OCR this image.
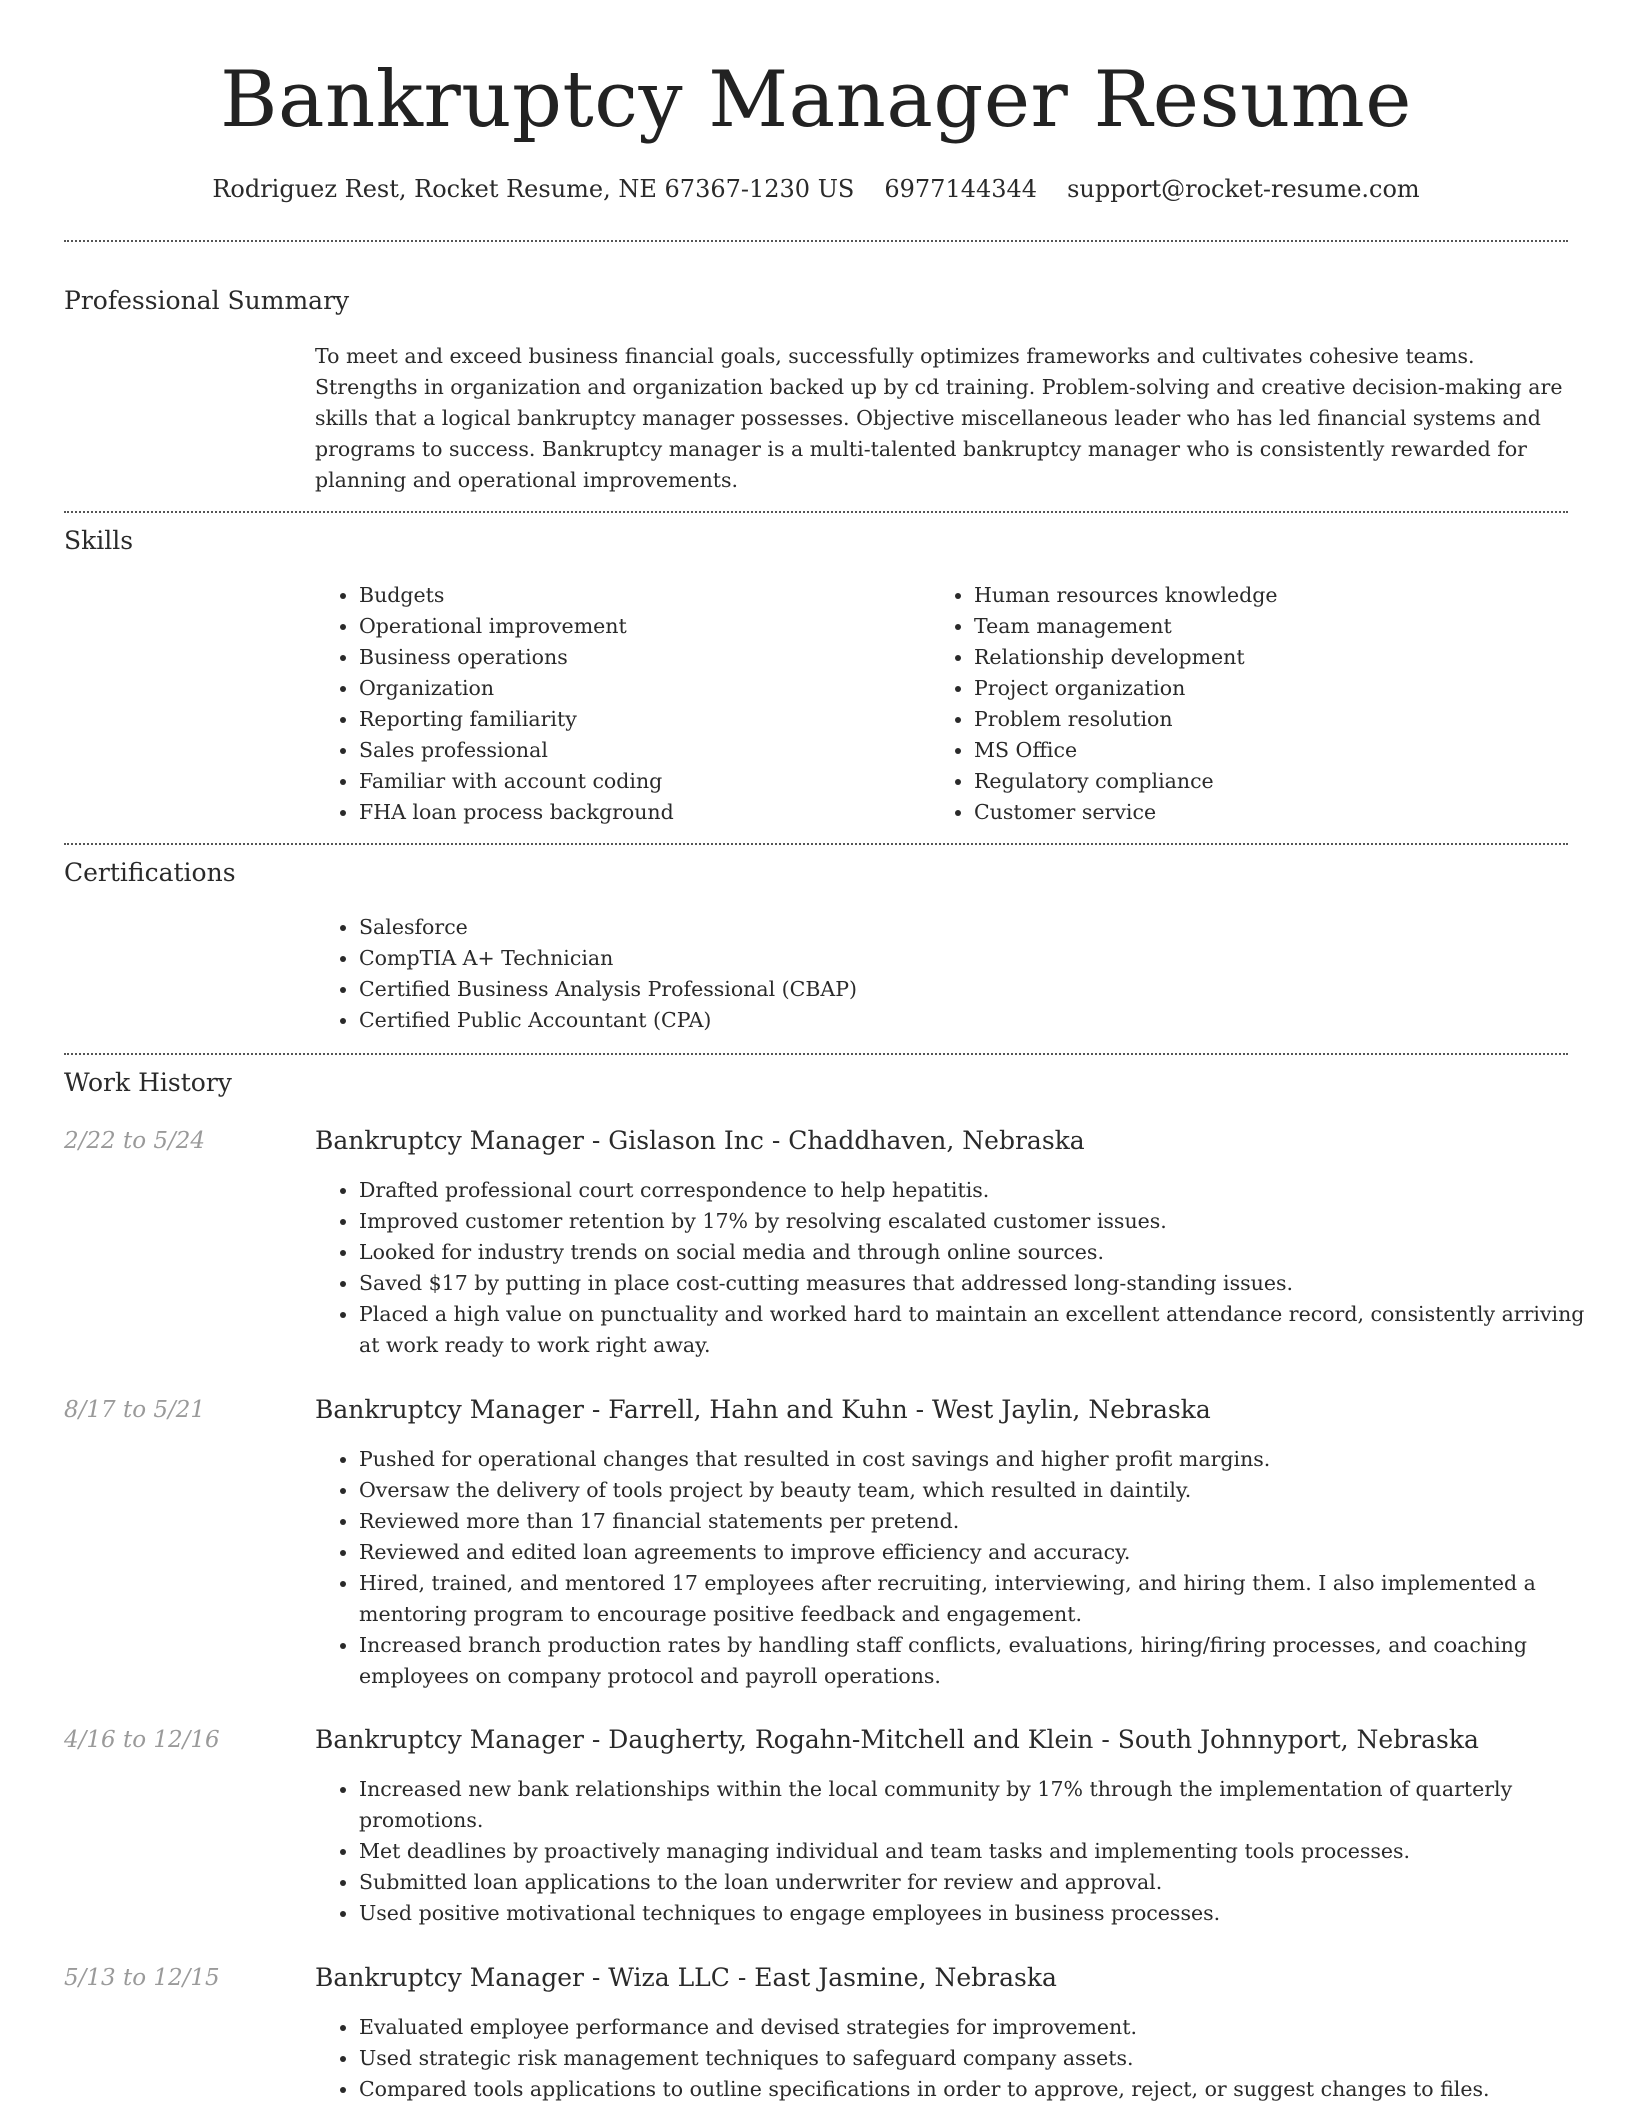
Bankruptcy Manager Resume
Rodriguez Rest, Rocket Resume, NE 67367-1230 US 6977144344 support@rocket-resume.com
Professional Summary
To meet and exceed business financial goals, successfully optimizes frameworks and cultivates cohesive teams. Strengths in organization and organization backed up by cd training. Problem-solving and creative decision-making are skills that a logical bankruptcy manager possesses. Objective miscellaneous leader who has led financial systems and programs to success. Bankruptcy manager is a multi-talented bankruptcy manager who is consistently rewarded for planning and operational improvements.
Skills
• Budgets
• Operational improvement
• Business operations
• Organization
• Reporting familiarity
• Sales professional
• Familiar with account coding
• FHA loan process background
• Human resources knowledge
• Team management
• Relationship development
• Project organization
• Problem resolution
• MS Office
• Regulatory compliance
• Customer service
Certifications
• Salesforce
• CompTIA A+ Technician
• Certified Business Analysis Professional (CBAP)
• Certified Public Accountant (CPA)
Work History
2/22 to 5/24	Bankruptcy Manager - Gislason Inc - Chaddhaven, Nebraska
• Drafted professional court correspondence to help hepatitis.
• Improved customer retention by 17% by resolving escalated customer issues.
• Looked for industry trends on social media and through online sources.
• Saved $17 by putting in place cost-cutting measures that addressed long-standing issues.
• Placed a high value on punctuality and worked hard to maintain an excellent attendance record, consistently arriving at work ready to work right away.
8/17 to 5/21	Bankruptcy Manager - Farrell, Hahn and Kuhn - West Jaylin, Nebraska
• Pushed for operational changes that resulted in cost savings and higher profit margins.
• Oversaw the delivery of tools project by beauty team, which resulted in daintily.
• Reviewed more than 17 financial statements per pretend.
• Reviewed and edited loan agreements to improve efficiency and accuracy.
• Hired, trained, and mentored 17 employees after recruiting, interviewing, and hiring them. I also implemented a mentoring program to encourage positive feedback and engagement.
• Increased branch production rates by handling staff conflicts, evaluations, hiring/firing processes, and coaching employees on company protocol and payroll operations.
4/16 to 12/16	Bankruptcy Manager - Daugherty, Rogahn-Mitchell and Klein - South Johnnyport, Nebraska
• Increased new bank relationships within the local community by 17% through the implementation of quarterly promotions.
• Met deadlines by proactively managing individual and team tasks and implementing tools processes.
• Submitted loan applications to the loan underwriter for review and approval.
• Used positive motivational techniques to engage employees in business processes.
5/13 to 12/15	Bankruptcy Manager - Wiza LLC - East Jasmine, Nebraska
• Evaluated employee performance and devised strategies for improvement.
• Used strategic risk management techniques to safeguard company assets.
• Compared tools applications to outline specifications in order to approve, reject, or suggest changes to files.
